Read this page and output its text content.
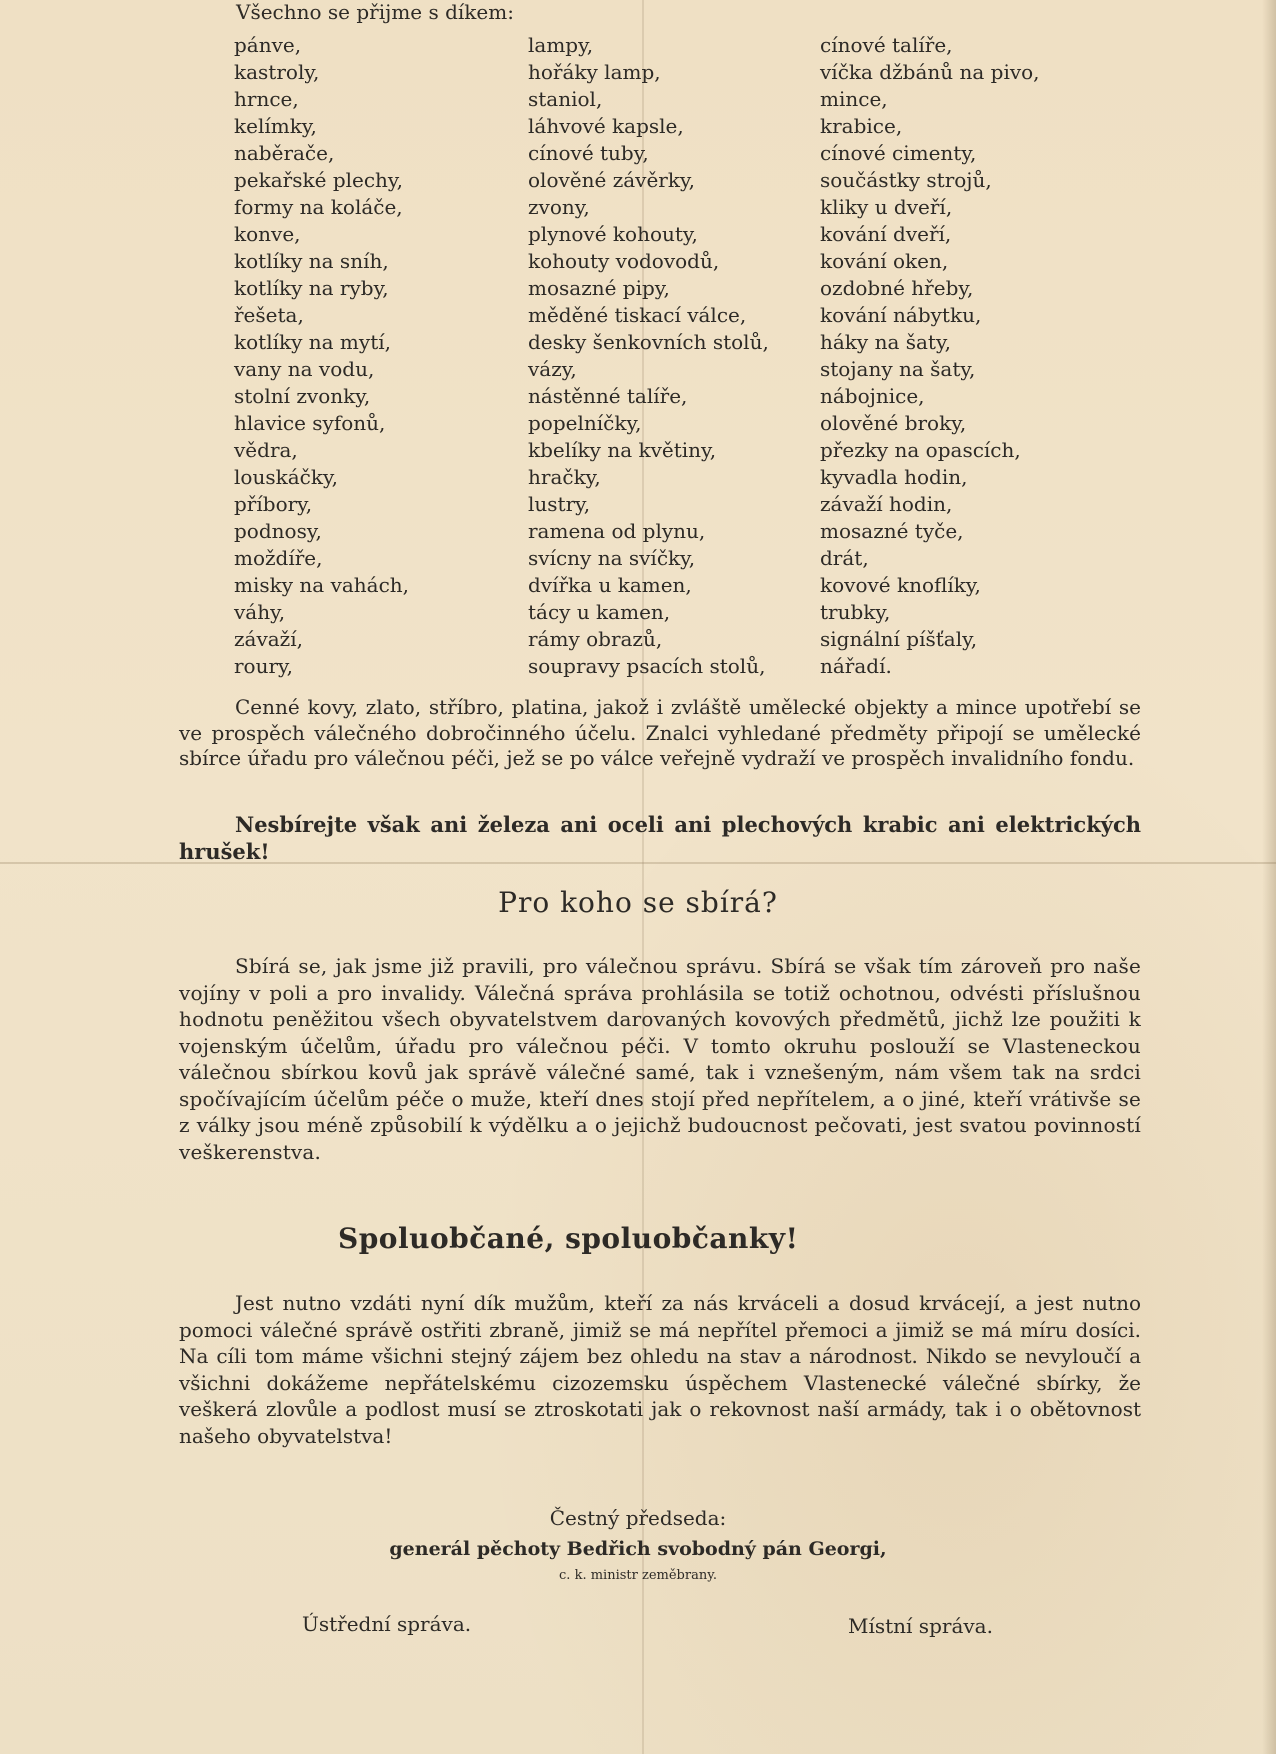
Všechno se přijme s díkem:
pánve,
kastroly,
hrnce,
kelímky,
naběrače,
pekařské plechy,
formy na koláče,
konve,
kotlíky na sníh,
kotlíky na ryby,
řešeta,
kotlíky na mytí,
vany na vodu,
stolní zvonky,
hlavice syfonů,
vědra,
louskáčky,
příbory,
podnosy,
moždíře,
misky na vahách,
váhy,
závaží,
roury,
lampy,
hořáky lamp,
staniol,
láhvové kapsle,
cínové tuby,
olověné závěrky,
zvony,
plynové kohouty,
kohouty vodovodů,
mosazné pipy,
měděné tiskací válce,
desky šenkovních stolů,
vázy,
nástěnné talíře,
popelníčky,
kbelíky na květiny,
hračky,
lustry,
ramena od plynu,
svícny na svíčky,
dvířka u kamen,
tácy u kamen,
rámy obrazů,
soupravy psacích stolů,
cínové talíře,
víčka džbánů na pivo,
mince,
krabice,
cínové cimenty,
součástky strojů,
kliky u dveří,
kování dveří,
kování oken,
ozdobné hřeby,
kování nábytku,
háky na šaty,
stojany na šaty,
nábojnice,
olověné broky,
přezky na opascích,
kyvadla hodin,
závaží hodin,
mosazné tyče,
drát,
kovové knoflíky,
trubky,
signální píšťaly,
nářadí.
Cenné kovy, zlato, stříbro, platina, jakož i zvláště umělecké objekty a mince upotřebí se ve prospěch válečného dobročinného účelu. Znalci vyhledané předměty připojí se umělecké sbírce úřadu pro válečnou péči, jež se po válce veřejně vydraží ve prospěch invalidního fondu.
Nesbírejte však ani železa ani oceli ani plechových krabic ani elektrických hrušek!
Pro koho se sbírá?
Sbírá se, jak jsme již pravili, pro válečnou správu. Sbírá se však tím zároveň pro naše vojíny v poli a pro invalidy. Válečná správa prohlásila se totiž ochotnou, odvésti příslušnou hodnotu peněžitou všech obyvatelstvem darovaných kovových předmětů, jichž lze použiti k vojenským účelům, úřadu pro válečnou péči. V tomto okruhu poslouží se Vlasteneckou válečnou sbírkou kovů jak správě válečné samé, tak i vznešeným, nám všem tak na srdci spočívajícím účelům péče o muže, kteří dnes stojí před nepřítelem, a o jiné, kteří vrátivše se z války jsou méně způsobilí k výdělku a o jejichž budoucnost pečovati, jest svatou povinností veškerenstva.
Spoluobčané, spoluobčanky!
Jest nutno vzdáti nyní dík mužům, kteří za nás krváceli a dosud krvácejí, a jest nutno pomoci válečné správě ostřiti zbraně, jimiž se má nepřítel přemoci a jimiž se má míru dosíci. Na cíli tom máme všichni stejný zájem bez ohledu na stav a národnost. Nikdo se nevyloučí a všichni dokážeme nepřátelskému cizozemsku úspěchem Vlastenecké válečné sbírky, že veškerá zlovůle a podlost musí se ztroskotati jak o rekovnost naší armády, tak i o obětovnost našeho obyvatelstva!
Čestný předseda:
generál pěchoty Bedřich svobodný pán Georgi,
c. k. ministr zeměbrany.
Ústřední správa.	Místní správa.
